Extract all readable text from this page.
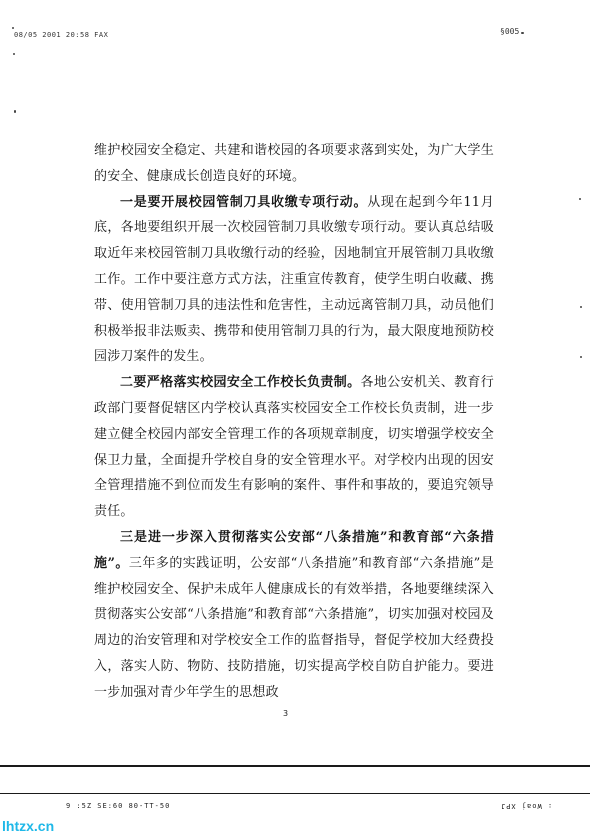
08/05 2001 20:58 FAX	§005

维护校园安全稳定、共建和谐校园的各项要求落到实处，为广大学生的安全、健康成长创造良好的环境。

一是要开展校园管制刀具收缴专项行动。从现在起到今年11月底，各地要组织开展一次校园管制刀具收缴专项行动。要认真总结吸取近年来校园管制刀具收缴行动的经验，因地制宜开展管制刀具收缴工作。工作中要注意方式方法，注重宣传教育，使学生明白收藏、携带、使用管制刀具的违法性和危害性，主动远离管制刀具，动员他们积极举报非法贩卖、携带和使用管制刀具的行为，最大限度地预防校园涉刀案件的发生。

二要严格落实校园安全工作校长负责制。各地公安机关、教育行政部门要督促辖区内学校认真落实校园安全工作校长负责制，进一步建立健全校园内部安全管理工作的各项规章制度，切实增强学校安全保卫力量，全面提升学校自身的安全管理水平。对学校内出现的因安全管理措施不到位而发生有影响的案件、事件和事故的，要追究领导责任。

三是进一步深入贯彻落实公安部“八条措施”和教育部“六条措施”。三年多的实践证明，公安部“八条措施”和教育部“六条措施”是维护校园安全、保护未成年人健康成长的有效举措，各地要继续深入贯彻落实公安部“八条措施”和教育部“六条措施”，切实加强对校园及周边的治安管理和对学校安全工作的监督指导，督促学校加大经费投入，落实人防、物防、技防措施，切实提高学校自防自护能力。要进一步加强对青少年学生的思想政

3
9 :5Z SE:60 80-TT-50	: Woaj XPJ
lhtzx.cn
